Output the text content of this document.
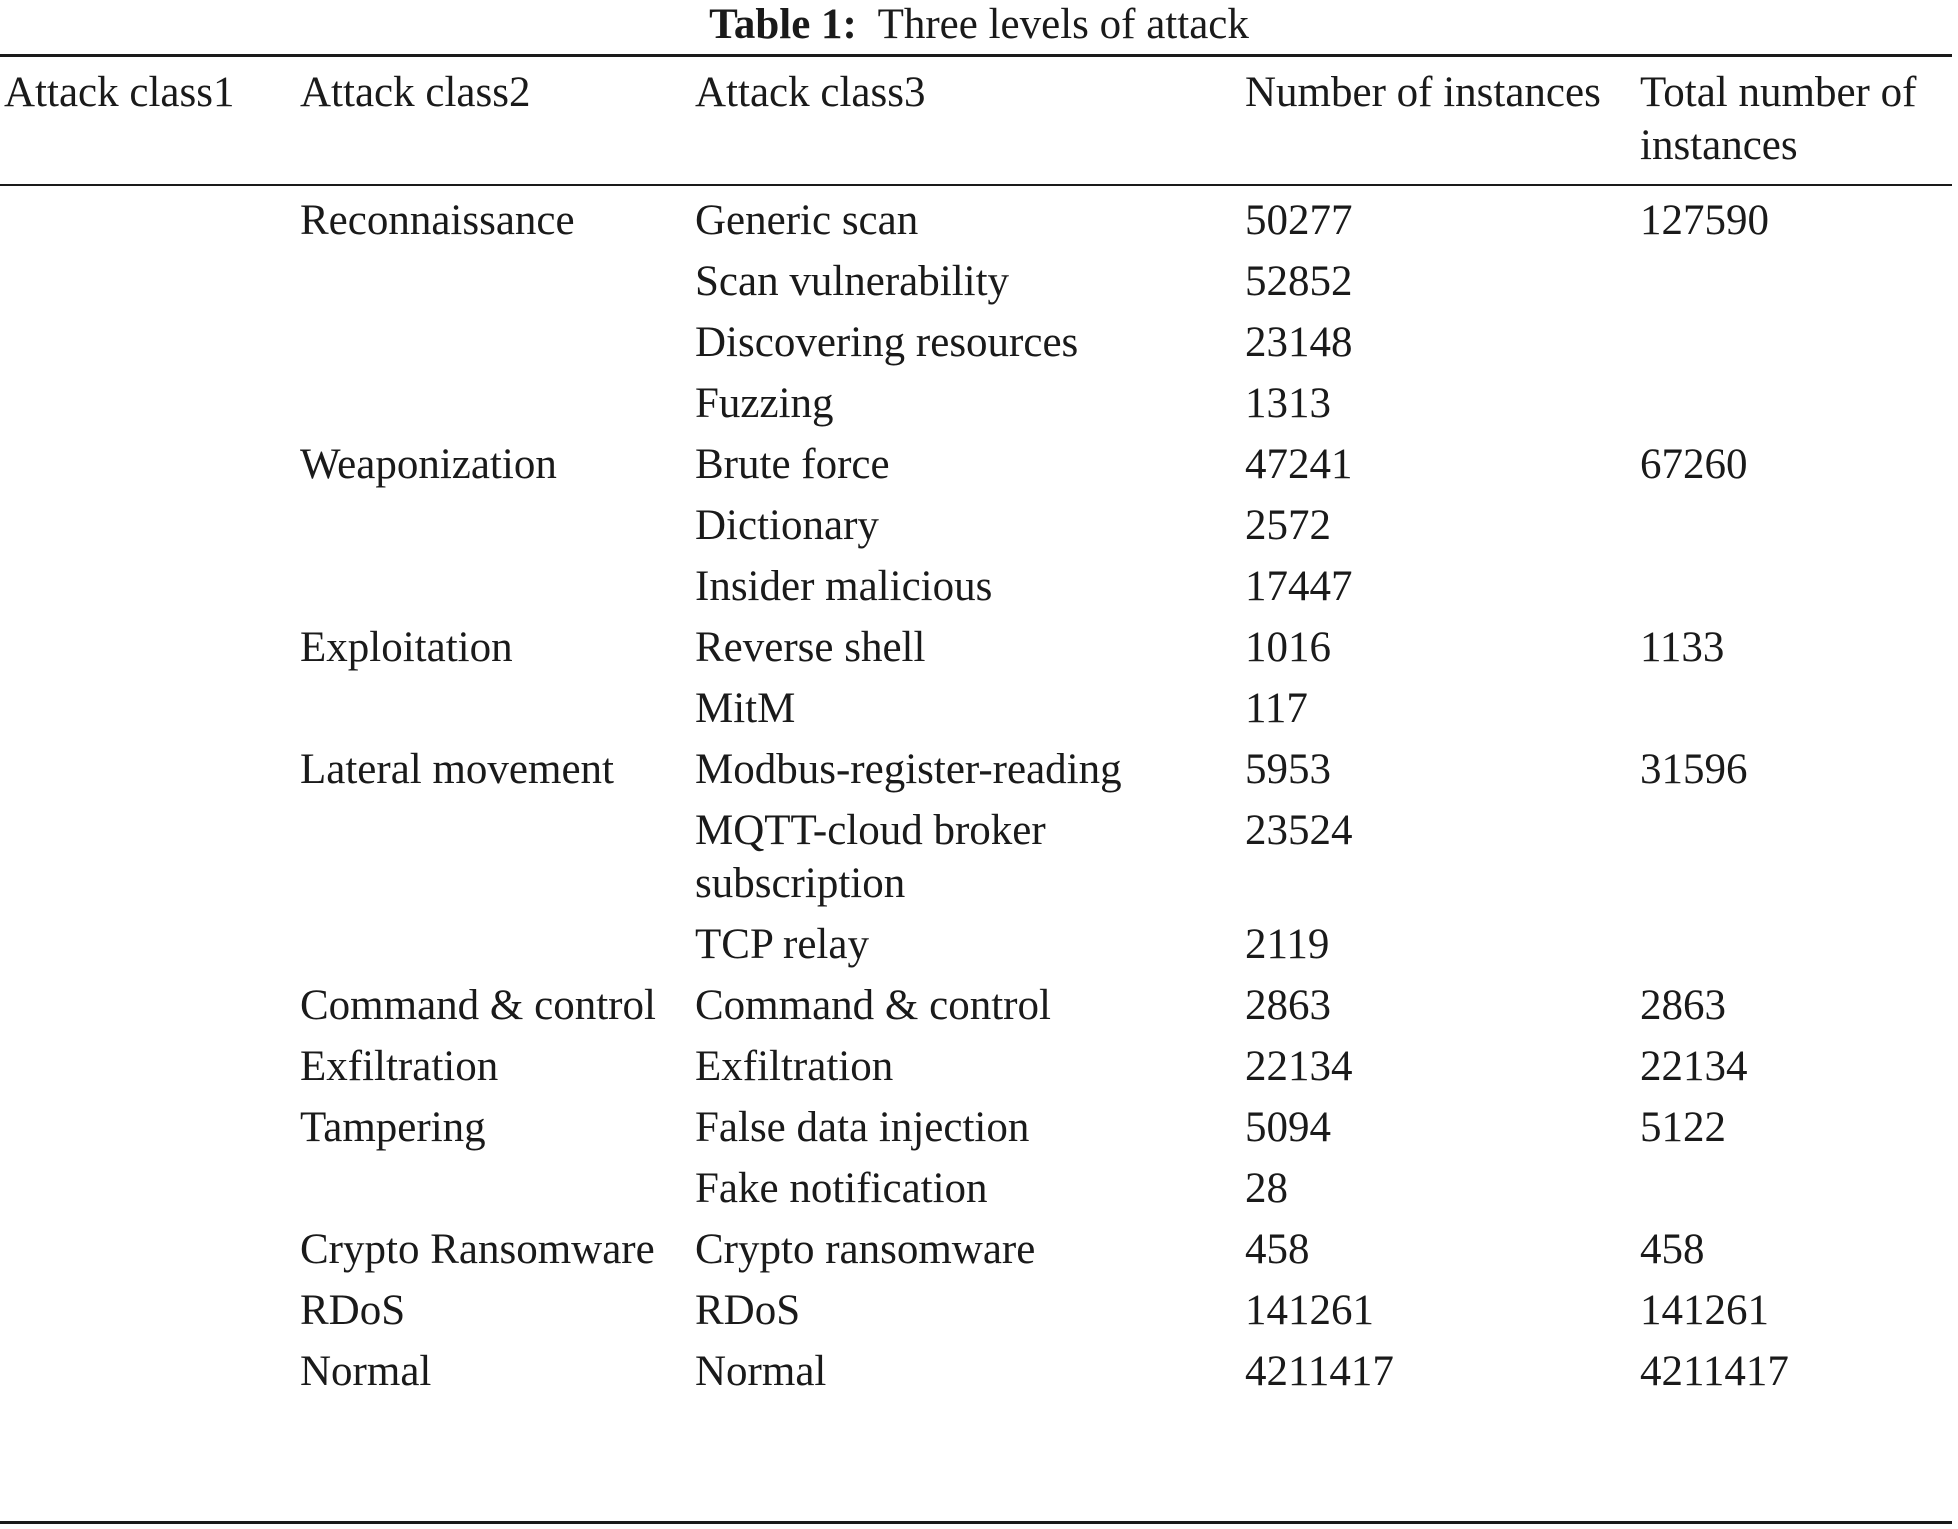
Table 1: Three levels of attack
Attack class1	Attack class2	Attack class3	Number of instances	Total number of instances

	Reconnaissance	Generic scan	50277	127590
		Scan vulnerability	52852	
		Discovering resources	23148	
		Fuzzing	1313	
	Weaponization	Brute force	47241	67260
		Dictionary	2572	
		Insider malicious	17447	
	Exploitation	Reverse shell	1016	1133
		MitM	117	
	Lateral movement	Modbus-register-reading	5953	31596
		MQTT-cloud broker subscription	23524	
		TCP relay	2119	
	Command & control	Command & control	2863	2863
	Exfiltration	Exfiltration	22134	22134
	Tampering	False data injection	5094	5122
		Fake notification	28	
	Crypto Ransomware	Crypto ransomware	458	458
	RDoS	RDoS	141261	141261
	Normal	Normal	4211417	4211417
